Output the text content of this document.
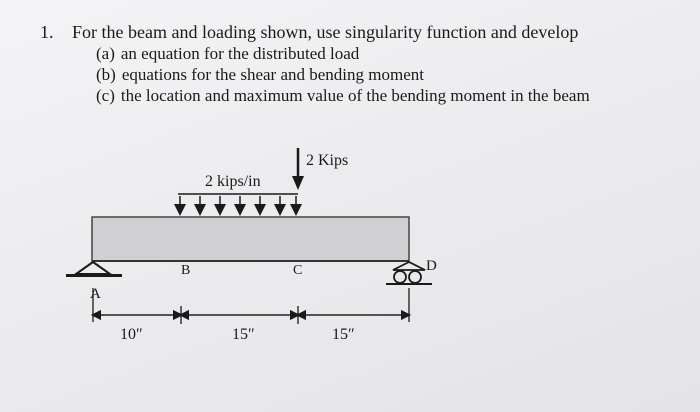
1. For the beam and loading shown, use singularity function and develop
(a) an equation for the distributed load
(b) equations for the shear and bending moment
(c) the location and maximum value of the bending moment in the beam
2 Kips
2 kips/in
A
B	C	D
10″	15″	15″
